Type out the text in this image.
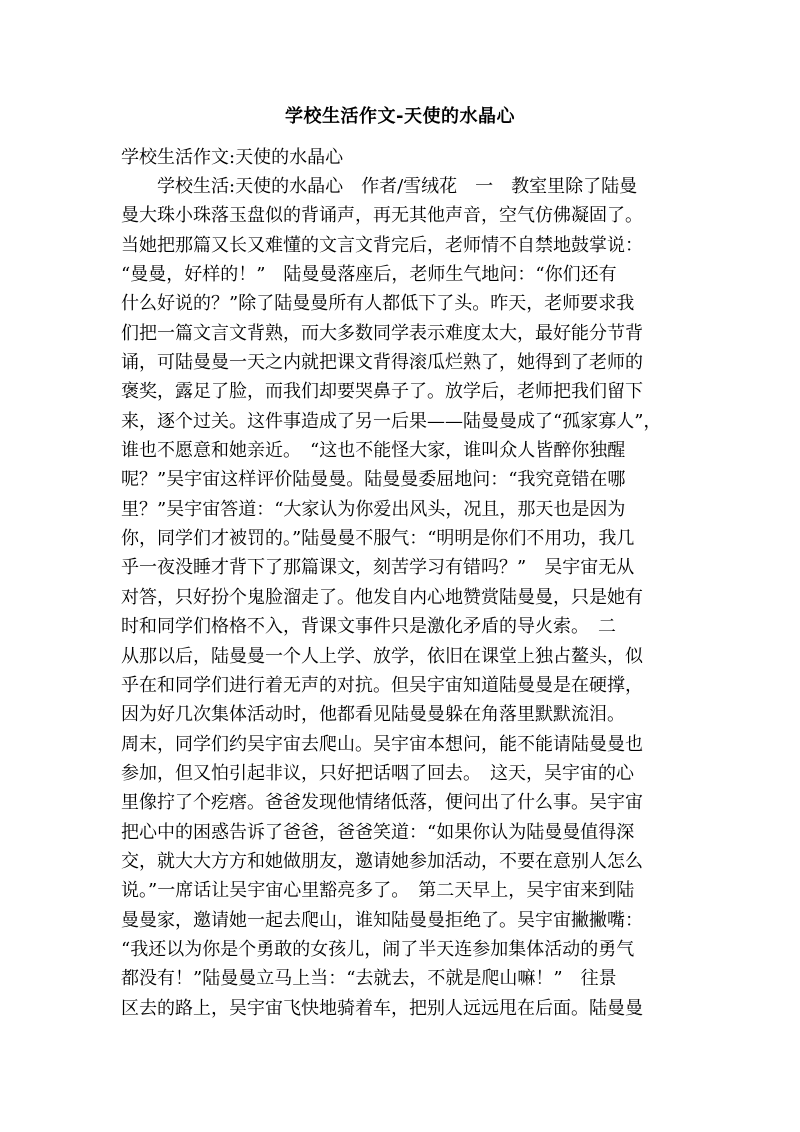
学校生活作文-天使的水晶心
学校生活作文:天使的水晶心
　　学校生活:天使的水晶心　作者/雪绒花　一　教室里除了陆曼
曼大珠小珠落玉盘似的背诵声，再无其他声音，空气仿佛凝固了。
当她把那篇又长又难懂的文言文背完后，老师情不自禁地鼓掌说：
“曼曼，好样的！”　陆曼曼落座后，老师生气地问：“你们还有
什么好说的？”除了陆曼曼所有人都低下了头。昨天，老师要求我
们把一篇文言文背熟，而大多数同学表示难度太大，最好能分节背
诵，可陆曼曼一天之内就把课文背得滚瓜烂熟了，她得到了老师的
褒奖，露足了脸，而我们却要哭鼻子了。放学后，老师把我们留下
来，逐个过关。这件事造成了另一后果——陆曼曼成了“孤家寡人”，
谁也不愿意和她亲近。　“这也不能怪大家，谁叫众人皆醉你独醒
呢？”吴宇宙这样评价陆曼曼。陆曼曼委屈地问：“我究竟错在哪
里？”吴宇宙答道：“大家认为你爱出风头，况且，那天也是因为
你，同学们才被罚的。”陆曼曼不服气：“明明是你们不用功，我几
乎一夜没睡才背下了那篇课文，刻苦学习有错吗？”　吴宇宙无从
对答，只好扮个鬼脸溜走了。他发自内心地赞赏陆曼曼，只是她有
时和同学们格格不入，背课文事件只是激化矛盾的导火索。　二
从那以后，陆曼曼一个人上学、放学，依旧在课堂上独占鳌头，似
乎在和同学们进行着无声的对抗。但吴宇宙知道陆曼曼是在硬撑，
因为好几次集体活动时，他都看见陆曼曼躲在角落里默默流泪。
周末，同学们约吴宇宙去爬山。吴宇宙本想问，能不能请陆曼曼也
参加，但又怕引起非议，只好把话咽了回去。　这天，吴宇宙的心
里像拧了个疙瘩。爸爸发现他情绪低落，便问出了什么事。吴宇宙
把心中的困惑告诉了爸爸，爸爸笑道：“如果你认为陆曼曼值得深
交，就大大方方和她做朋友，邀请她参加活动，不要在意别人怎么
说。”一席话让吴宇宙心里豁亮多了。　第二天早上，吴宇宙来到陆
曼曼家，邀请她一起去爬山，谁知陆曼曼拒绝了。吴宇宙撇撇嘴：
“我还以为你是个勇敢的女孩儿，闹了半天连参加集体活动的勇气
都没有！”陆曼曼立马上当：“去就去，不就是爬山嘛！”　往景
区去的路上，吴宇宙飞快地骑着车，把别人远远甩在后面。陆曼曼
